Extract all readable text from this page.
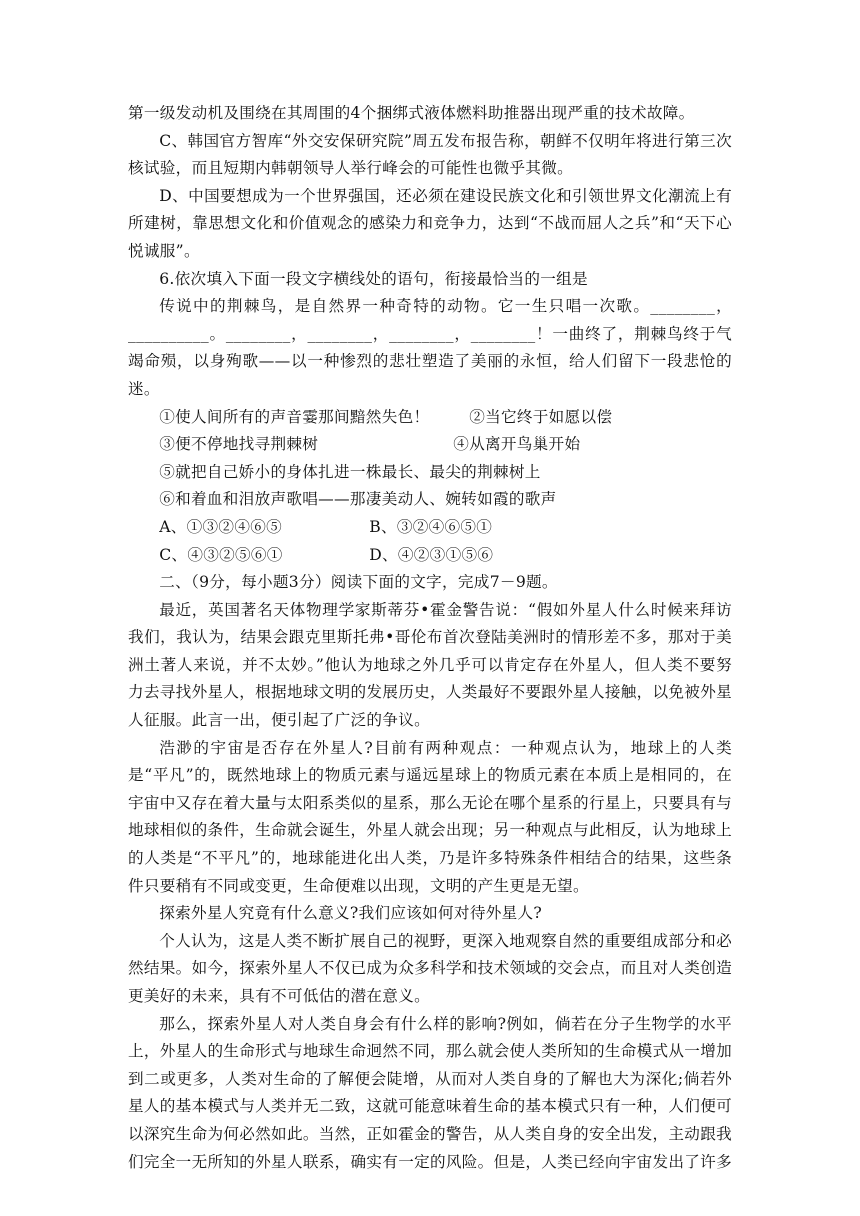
第一级发动机及围绕在其周围的4个捆绑式液体燃料助推器出现严重的技术故障。

C、韩国官方智库“外交安保研究院”周五发布报告称，朝鲜不仅明年将进行第三次核试验，而且短期内韩朝领导人举行峰会的可能性也微乎其微。

D、中国要想成为一个世界强国，还必须在建设民族文化和引领世界文化潮流上有所建树，靠思想文化和价值观念的感染力和竞争力，达到“不战而屈人之兵”和“天下心悦诚服”。

6.依次填入下面一段文字横线处的语句，衔接最恰当的一组是

传说中的荆棘鸟，是自然界一种奇特的动物。它一生只唱一次歌。________，__________。________，________，________，________！一曲终了，荆棘鸟终于气竭命殒，以身殉歌——以一种惨烈的悲壮塑造了美丽的永恒，给人们留下一段悲怆的迷。

①使人间所有的声音霎那间黯然失色！	②当它终于如愿以偿
③便不停地找寻荆棘树	④从离开鸟巢开始

⑤就把自己娇小的身体扎进一株最长、最尖的荆棘树上

⑥和着血和泪放声歌唱——那凄美动人、婉转如霞的歌声

A、①③②④⑥⑤	B、③②④⑥⑤①
C、④③②⑤⑥①	D、④②③①⑤⑥

二、（9分，每小题3分）阅读下面的文字，完成7－9题。

最近，英国著名天体物理学家斯蒂芬•霍金警告说：“假如外星人什么时候来拜访我们，我认为，结果会跟克里斯托弗•哥伦布首次登陆美洲时的情形差不多，那对于美洲土著人来说，并不太妙。”他认为地球之外几乎可以肯定存在外星人，但人类不要努力去寻找外星人，根据地球文明的发展历史，人类最好不要跟外星人接触，以免被外星人征服。此言一出，便引起了广泛的争议。

浩渺的宇宙是否存在外星人?目前有两种观点：一种观点认为，地球上的人类是“平凡”的，既然地球上的物质元素与遥远星球上的物质元素在本质上是相同的，在宇宙中又存在着大量与太阳系类似的星系，那么无论在哪个星系的行星上，只要具有与地球相似的条件，生命就会诞生，外星人就会出现；另一种观点与此相反，认为地球上的人类是“不平凡”的，地球能进化出人类，乃是许多特殊条件相结合的结果，这些条件只要稍有不同或变更，生命便难以出现，文明的产生更是无望。

探索外星人究竟有什么意义?我们应该如何对待外星人?

个人认为，这是人类不断扩展自己的视野，更深入地观察自然的重要组成部分和必然结果。如今，探索外星人不仅已成为众多科学和技术领域的交会点，而且对人类创造更美好的未来，具有不可低估的潜在意义。

那么，探索外星人对人类自身会有什么样的影响?例如，倘若在分子生物学的水平上，外星人的生命形式与地球生命迥然不同，那么就会使人类所知的生命模式从一增加到二或更多，人类对生命的了解便会陡增，从而对人类自身的了解也大为深化;倘若外星人的基本模式与人类并无二致，这就可能意味着生命的基本模式只有一种，人们便可以深究生命为何必然如此。当然，正如霍金的警告，从人类自身的安全出发，主动跟我们完全一无所知的外星人联系，确实有一定的风险。但是，人类已经向宇宙发出了许多
